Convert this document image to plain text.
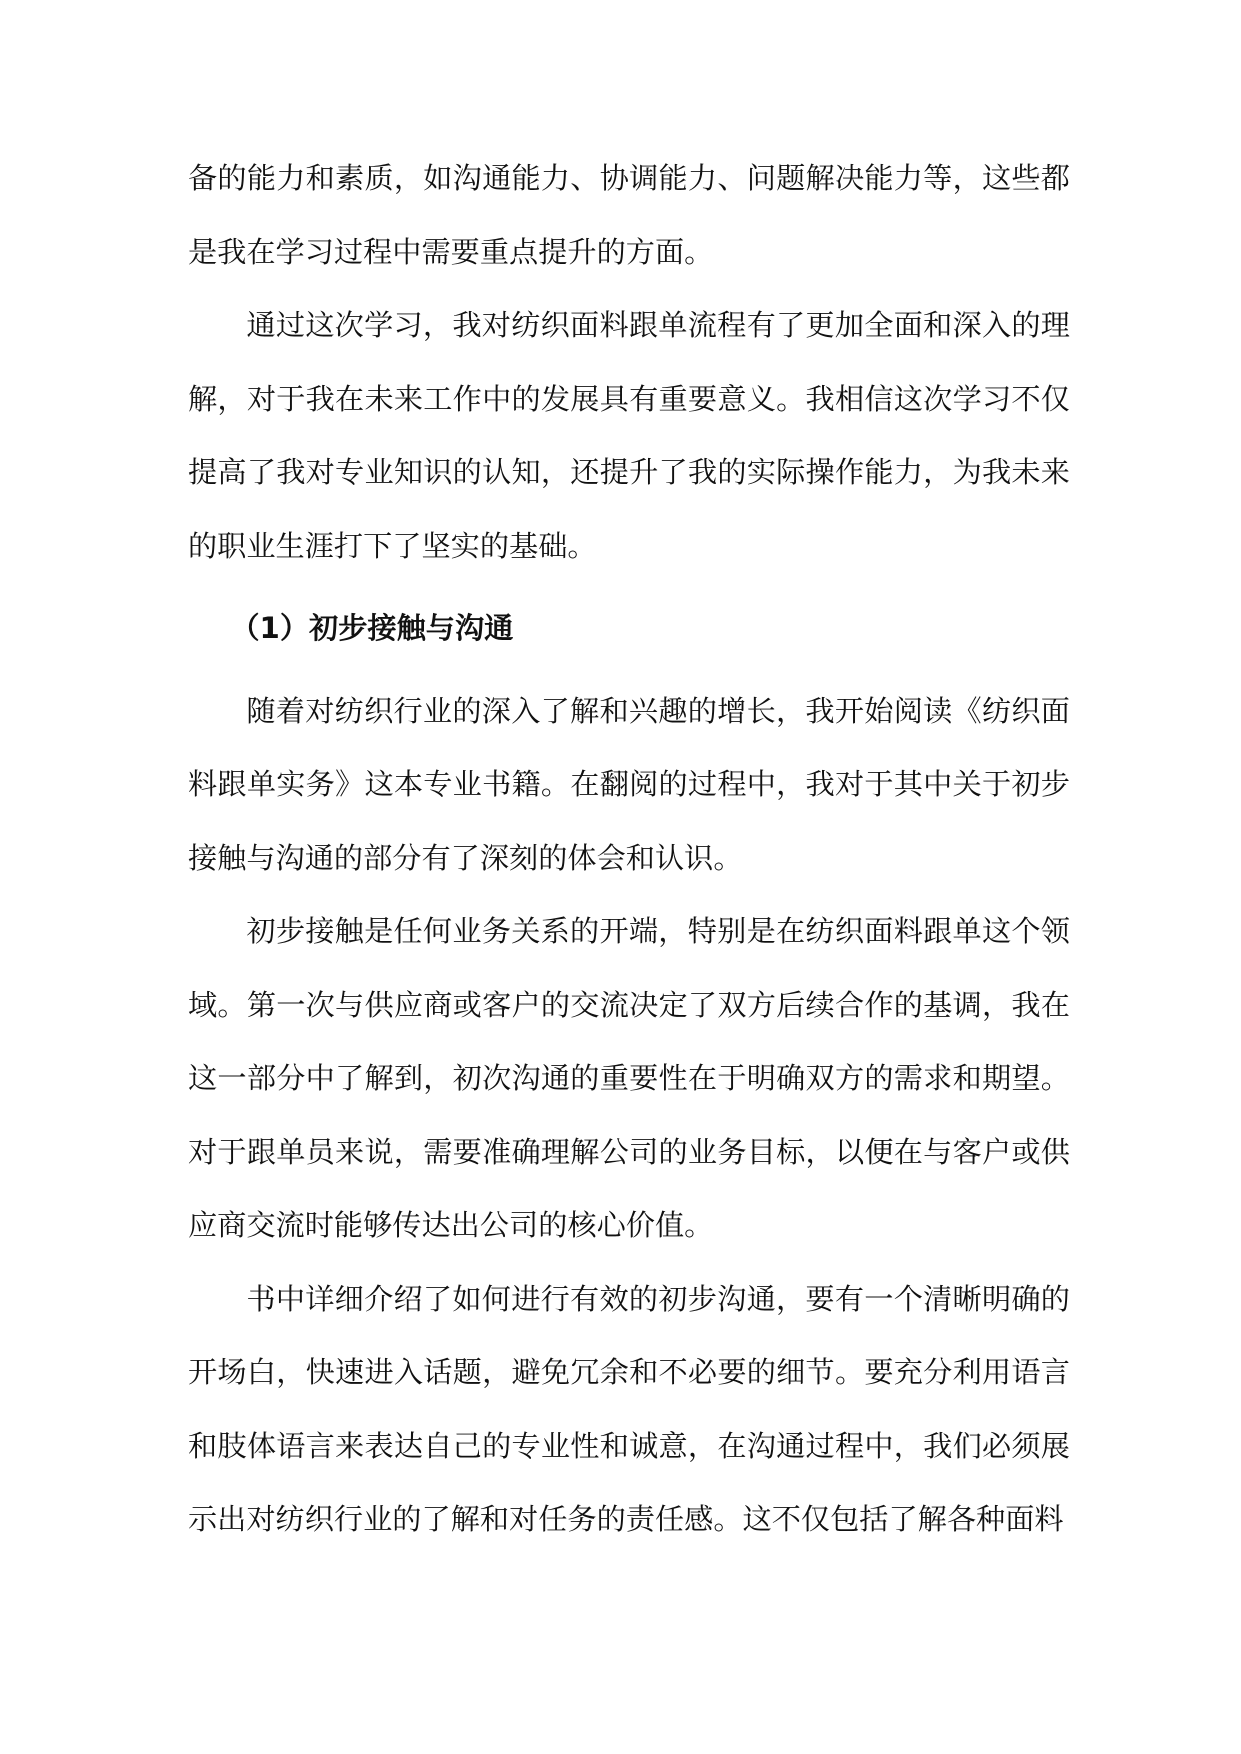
备的能力和素质，如沟通能力、协调能力、问题解决能力等，这些都是我在学习过程中需要重点提升的方面。

通过这次学习，我对纺织面料跟单流程有了更加全面和深入的理解，对于我在未来工作中的发展具有重要意义。我相信这次学习不仅提高了我对专业知识的认知，还提升了我的实际操作能力，为我未来的职业生涯打下了坚实的基础。

（1）初步接触与沟通

随着对纺织行业的深入了解和兴趣的增长，我开始阅读《纺织面料跟单实务》这本专业书籍。在翻阅的过程中，我对于其中关于初步接触与沟通的部分有了深刻的体会和认识。

初步接触是任何业务关系的开端，特别是在纺织面料跟单这个领域。第一次与供应商或客户的交流决定了双方后续合作的基调，我在这一部分中了解到，初次沟通的重要性在于明确双方的需求和期望。对于跟单员来说，需要准确理解公司的业务目标，以便在与客户或供应商交流时能够传达出公司的核心价值。

书中详细介绍了如何进行有效的初步沟通，要有一个清晰明确的开场白，快速进入话题，避免冗余和不必要的细节。要充分利用语言和肢体语言来表达自己的专业性和诚意，在沟通过程中，我们必须展示出对纺织行业的了解和对任务的责任感。这不仅包括了解各种面料
